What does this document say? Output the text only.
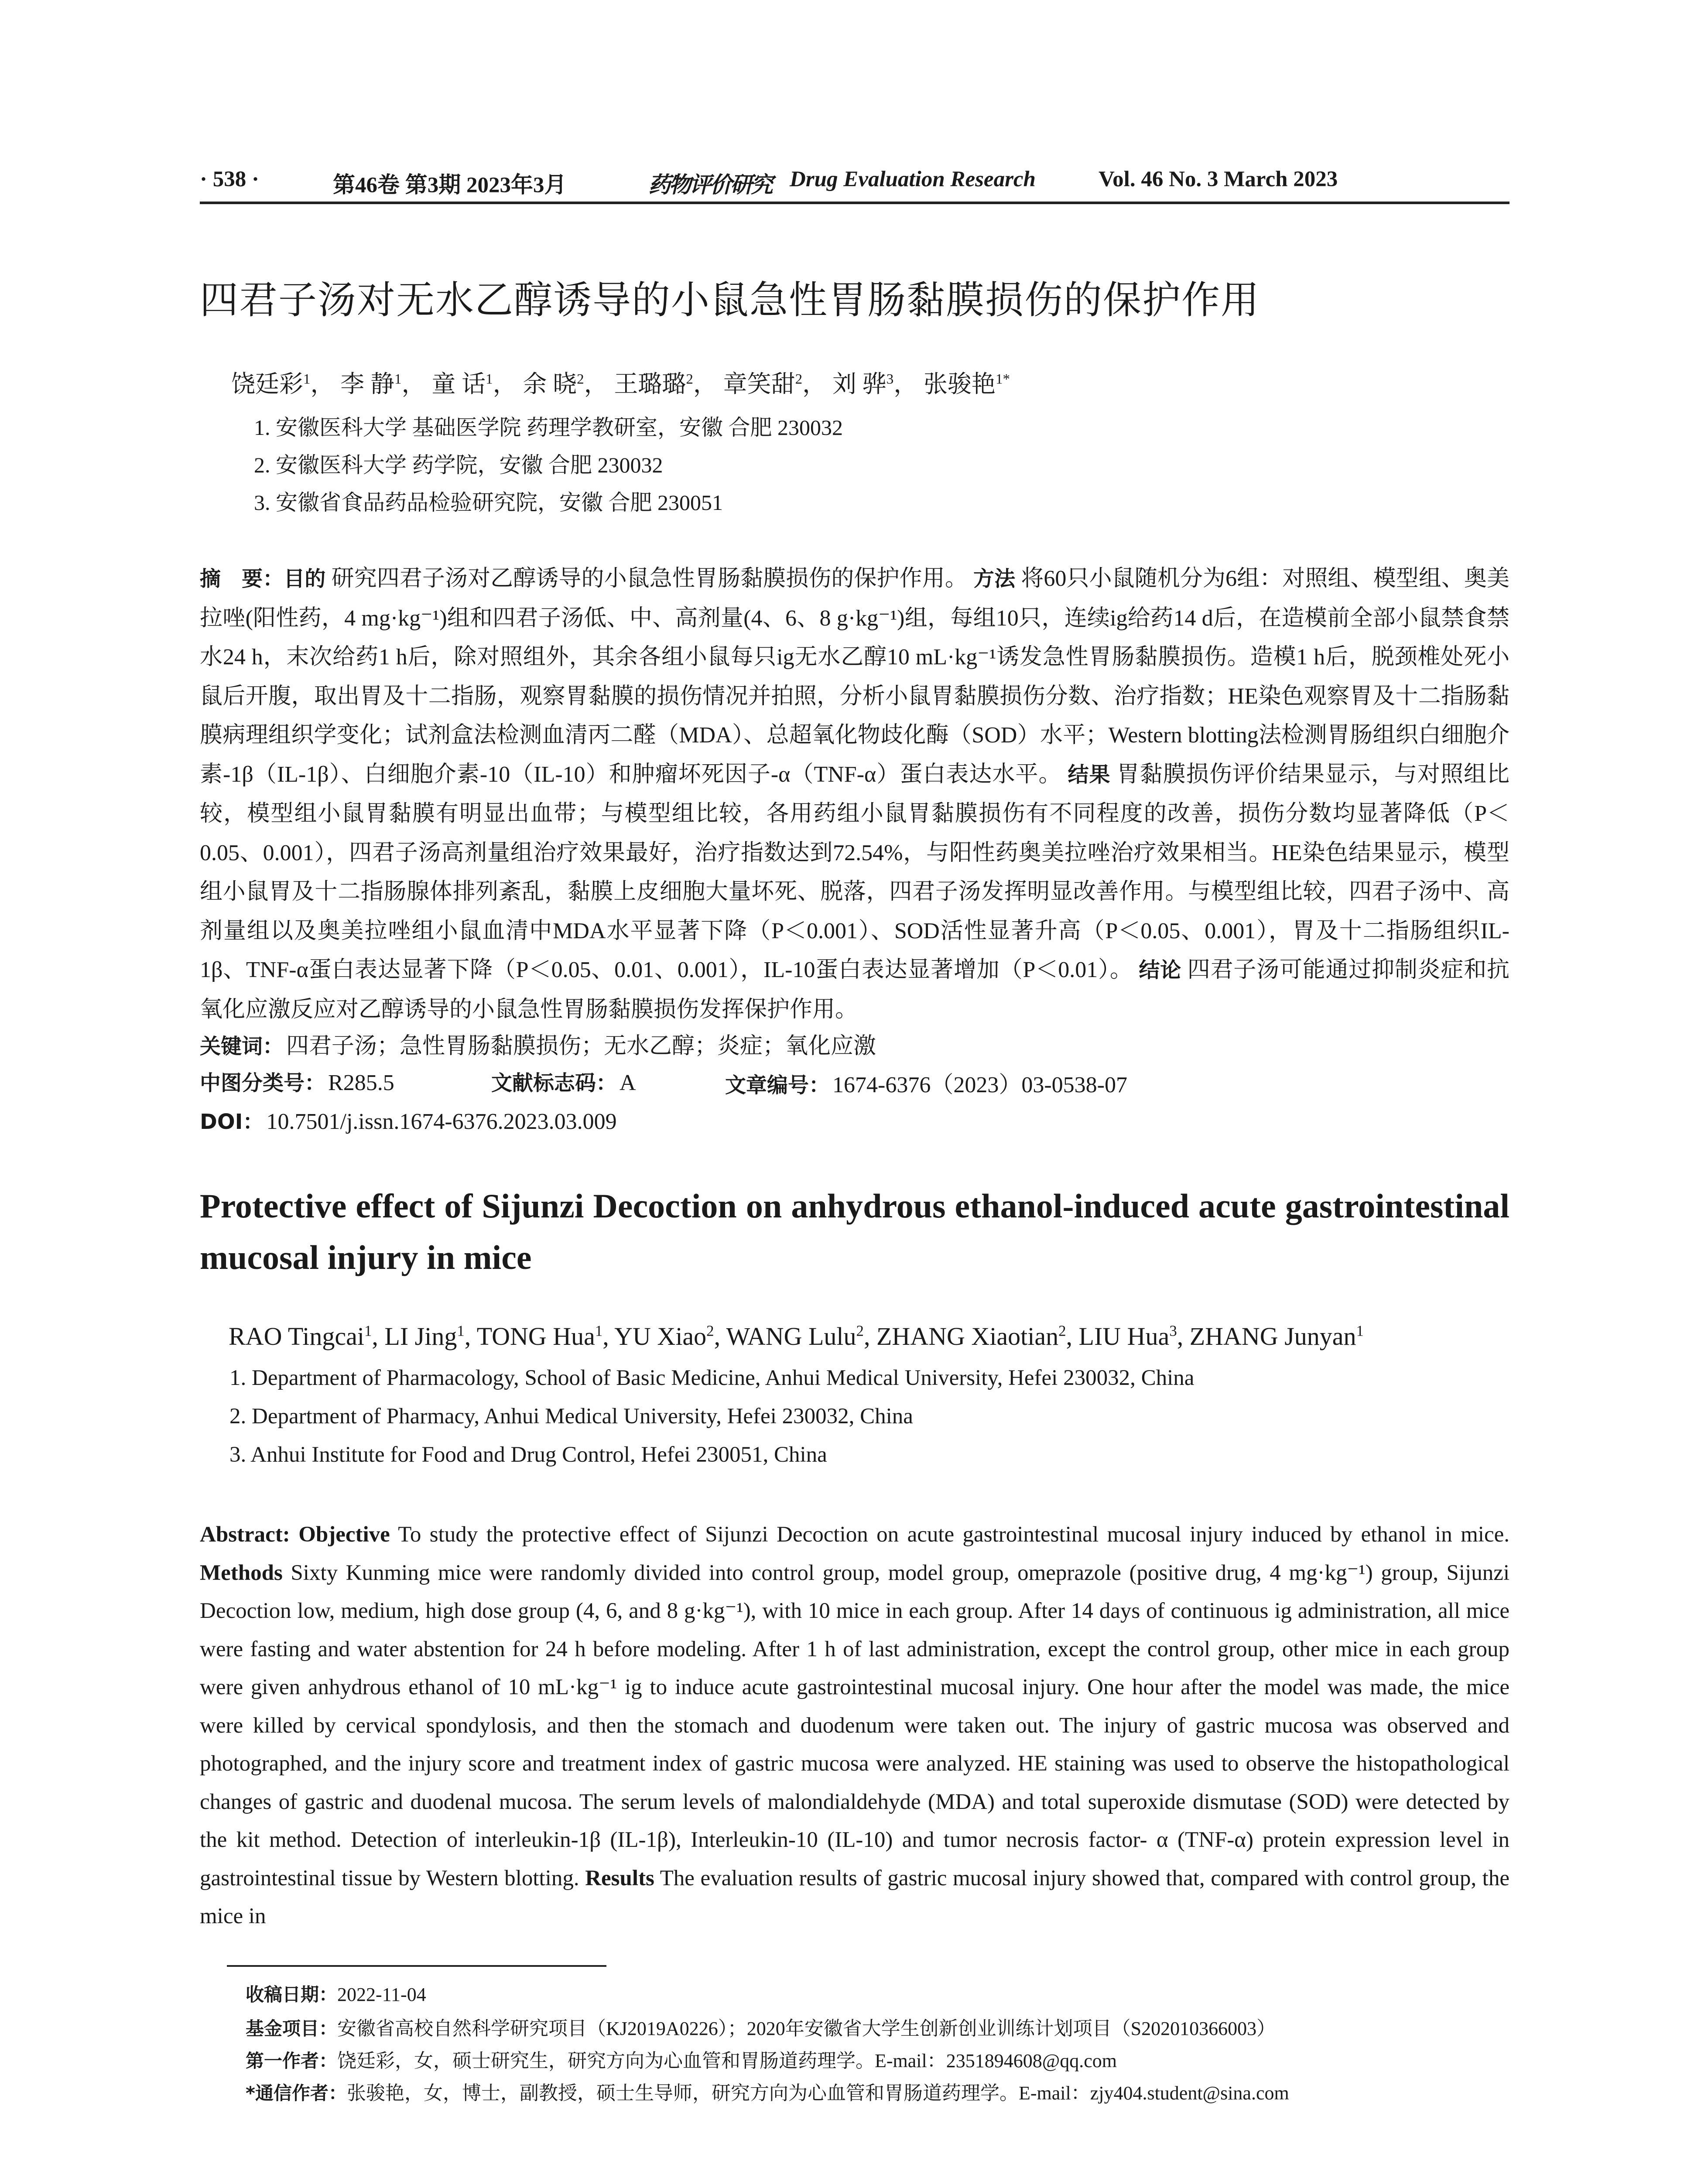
· 538 ·	第46卷 第3期 2023年3月	药物评价研究 Drug Evaluation Research	Vol. 46 No. 3 March 2023
四君子汤对无水乙醇诱导的小鼠急性胃肠黏膜损伤的保护作用
饶廷彩$^1$， 李 静$^1$， 童 话$^1$， 余 晓$^2$， 王璐璐$^2$， 章笑甜$^2$， 刘 骅$^3$， 张骏艳$^{1*}$
1. 安徽医科大学 基础医学院 药理学教研室，安徽 合肥 230032
2. 安徽医科大学 药学院，安徽 合肥 230032
3. 安徽省食品药品检验研究院，安徽 合肥 230051
摘　要：目的 研究四君子汤对乙醇诱导的小鼠急性胃肠黏膜损伤的保护作用。 方法 将60只小鼠随机分为6组：对照组、模型组、奥美拉唑(阳性药，4 mg·kg⁻¹)组和四君子汤低、中、高剂量(4、6、8 g·kg⁻¹)组，每组10只，连续ig给药14 d后，在造模前全部小鼠禁食禁水24 h，末次给药1 h后，除对照组外，其余各组小鼠每只ig无水乙醇10 mL·kg⁻¹诱发急性胃肠黏膜损伤。造模1 h后，脱颈椎处死小鼠后开腹，取出胃及十二指肠，观察胃黏膜的损伤情况并拍照，分析小鼠胃黏膜损伤分数、治疗指数；HE染色观察胃及十二指肠黏膜病理组织学变化；试剂盒法检测血清丙二醛（MDA）、总超氧化物歧化酶（SOD）水平；Western blotting法检测胃肠组织白细胞介素-1β（IL-1β）、白细胞介素-10（IL-10）和肿瘤坏死因子-α（TNF-α）蛋白表达水平。 结果 胃黏膜损伤评价结果显示，与对照组比较，模型组小鼠胃黏膜有明显出血带；与模型组比较，各用药组小鼠胃黏膜损伤有不同程度的改善，损伤分数均显著降低（P＜0.05、0.001），四君子汤高剂量组治疗效果最好，治疗指数达到72.54%，与阳性药奥美拉唑治疗效果相当。HE染色结果显示，模型组小鼠胃及十二指肠腺体排列紊乱，黏膜上皮细胞大量坏死、脱落，四君子汤发挥明显改善作用。与模型组比较，四君子汤中、高剂量组以及奥美拉唑组小鼠血清中MDA水平显著下降（P＜0.001）、SOD活性显著升高（P＜0.05、0.001），胃及十二指肠组织IL-1β、TNF-α蛋白表达显著下降（P＜0.05、0.01、0.001），IL-10蛋白表达显著增加（P＜0.01）。 结论 四君子汤可能通过抑制炎症和抗氧化应激反应对乙醇诱导的小鼠急性胃肠黏膜损伤发挥保护作用。
关键词： 四君子汤；急性胃肠黏膜损伤；无水乙醇；炎症；氧化应激
中图分类号： R285.5	文献标志码： A	文章编号： 1674-6376（2023）03-0538-07
DOI： 10.7501/j.issn.1674-6376.2023.03.009
Protective effect of Sijunzi Decoction on anhydrous ethanol-induced acute gastrointestinal mucosal injury in mice
RAO Tingcai$^1$, LI Jing$^1$, TONG Hua$^1$, YU Xiao$^2$, WANG Lulu$^2$, ZHANG Xiaotian$^2$, LIU Hua$^3$, ZHANG Junyan$^1$
1. Department of Pharmacology, School of Basic Medicine, Anhui Medical University, Hefei 230032, China
2. Department of Pharmacy, Anhui Medical University, Hefei 230032, China
3. Anhui Institute for Food and Drug Control, Hefei 230051, China
Abstract: Objective To study the protective effect of Sijunzi Decoction on acute gastrointestinal mucosal injury induced by ethanol in mice. Methods Sixty Kunming mice were randomly divided into control group, model group, omeprazole (positive drug, 4 mg·kg⁻¹) group, Sijunzi Decoction low, medium, high dose group (4, 6, and 8 g·kg⁻¹), with 10 mice in each group. After 14 days of continuous ig administration, all mice were fasting and water abstention for 24 h before modeling. After 1 h of last administration, except the control group, other mice in each group were given anhydrous ethanol of 10 mL·kg⁻¹ ig to induce acute gastrointestinal mucosal injury. One hour after the model was made, the mice were killed by cervical spondylosis, and then the stomach and duodenum were taken out. The injury of gastric mucosa was observed and photographed, and the injury score and treatment index of gastric mucosa were analyzed. HE staining was used to observe the histopathological changes of gastric and duodenal mucosa. The serum levels of malondialdehyde (MDA) and total superoxide dismutase (SOD) were detected by the kit method. Detection of interleukin-1β (IL-1β), Interleukin-10 (IL-10) and tumor necrosis factor- α (TNF-α) protein expression level in gastrointestinal tissue by Western blotting. Results The evaluation results of gastric mucosal injury showed that, compared with control group, the mice in
收稿日期：2022-11-04
基金项目：安徽省高校自然科学研究项目（KJ2019A0226）；2020年安徽省大学生创新创业训练计划项目（S202010366003）
第一作者：饶廷彩，女，硕士研究生，研究方向为心血管和胃肠道药理学。E-mail：2351894608@qq.com
*通信作者：张骏艳，女，博士，副教授，硕士生导师，研究方向为心血管和胃肠道药理学。E-mail：zjy404.student@sina.com
